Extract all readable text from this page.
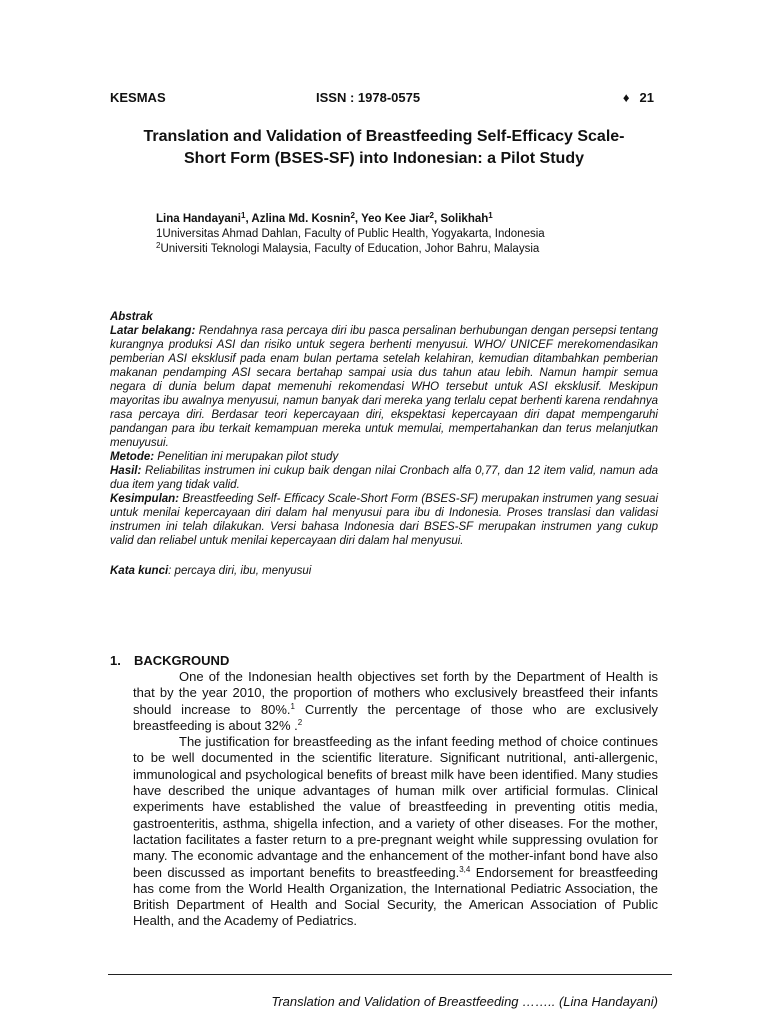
KESMAS	ISSN : 1978-0575	♦ 21
Translation and Validation of Breastfeeding Self-Efficacy Scale-
Short Form (BSES-SF) into Indonesian: a Pilot Study
Lina Handayani$^1$, Azlina Md. Kosnin$^2$, Yeo Kee Jiar$^2$, Solikhah$^1$
1Universitas Ahmad Dahlan, Faculty of Public Health, Yogyakarta, Indonesia
$^2$Universiti Teknologi Malaysia, Faculty of Education, Johor Bahru, Malaysia

Abstrak

Latar belakang: Rendahnya rasa percaya diri ibu pasca persalinan berhubungan dengan persepsi tentang kurangnya produksi ASI dan risiko untuk segera berhenti menyusui. WHO/ UNICEF merekomendasikan pemberian ASI eksklusif pada enam bulan pertama setelah kelahiran, kemudian ditambahkan pemberian makanan pendamping ASI secara bertahap sampai usia dus tahun atau lebih. Namun hampir semua negara di dunia belum dapat memenuhi rekomendasi WHO tersebut untuk ASI eksklusif. Meskipun mayoritas ibu awalnya menyusui, namun banyak dari mereka yang terlalu cepat berhenti karena rendahnya rasa percaya diri. Berdasar teori kepercayaan diri, ekspektasi kepercayaan diri dapat mempengaruhi pandangan para ibu terkait kemampuan mereka untuk memulai, mempertahankan dan terus melanjutkan menuyusui.

Metode: Penelitian ini merupakan pilot study

Hasil: Reliabilitas instrumen ini cukup baik dengan nilai Cronbach alfa 0,77, dan 12 item valid, namun ada dua item yang tidak valid.

Kesimpulan: Breastfeeding Self- Efficacy Scale-Short Form (BSES-SF) merupakan instrumen yang sesuai untuk menilai kepercayaan diri dalam hal menyusui para ibu di Indonesia. Proses translasi dan validasi instrumen ini telah dilakukan. Versi bahasa Indonesia dari BSES-SF merupakan instrumen yang cukup valid dan reliabel untuk menilai kepercayaan diri dalam hal menyusui.

Kata kunci: percaya diri, ibu, menyusui

1. BACKGROUND

One of the Indonesian health objectives set forth by the Department of Health is that by the year 2010, the proportion of mothers who exclusively breastfeed their infants should increase to 80%.$^1$ Currently the percentage of those who are exclusively breastfeeding is about 32% .$^2$

The justification for breastfeeding as the infant feeding method of choice continues to be well documented in the scientific literature. Significant nutritional, anti-allergenic, immunological and psychological benefits of breast milk have been identified. Many studies have described the unique advantages of human milk over artificial formulas. Clinical experiments have established the value of breastfeeding in preventing otitis media, gastroenteritis, asthma, shigella infection, and a variety of other diseases. For the mother, lactation facilitates a faster return to a pre-pregnant weight while suppressing ovulation for many. The economic advantage and the enhancement of the mother-infant bond have also been discussed as important benefits to breastfeeding.$^{3,4}$ Endorsement for breastfeeding has come from the World Health Organization, the International Pediatric Association, the British Department of Health and Social Security, the American Association of Public Health, and the Academy of Pediatrics.

Translation and Validation of Breastfeeding …….. (Lina Handayani)
